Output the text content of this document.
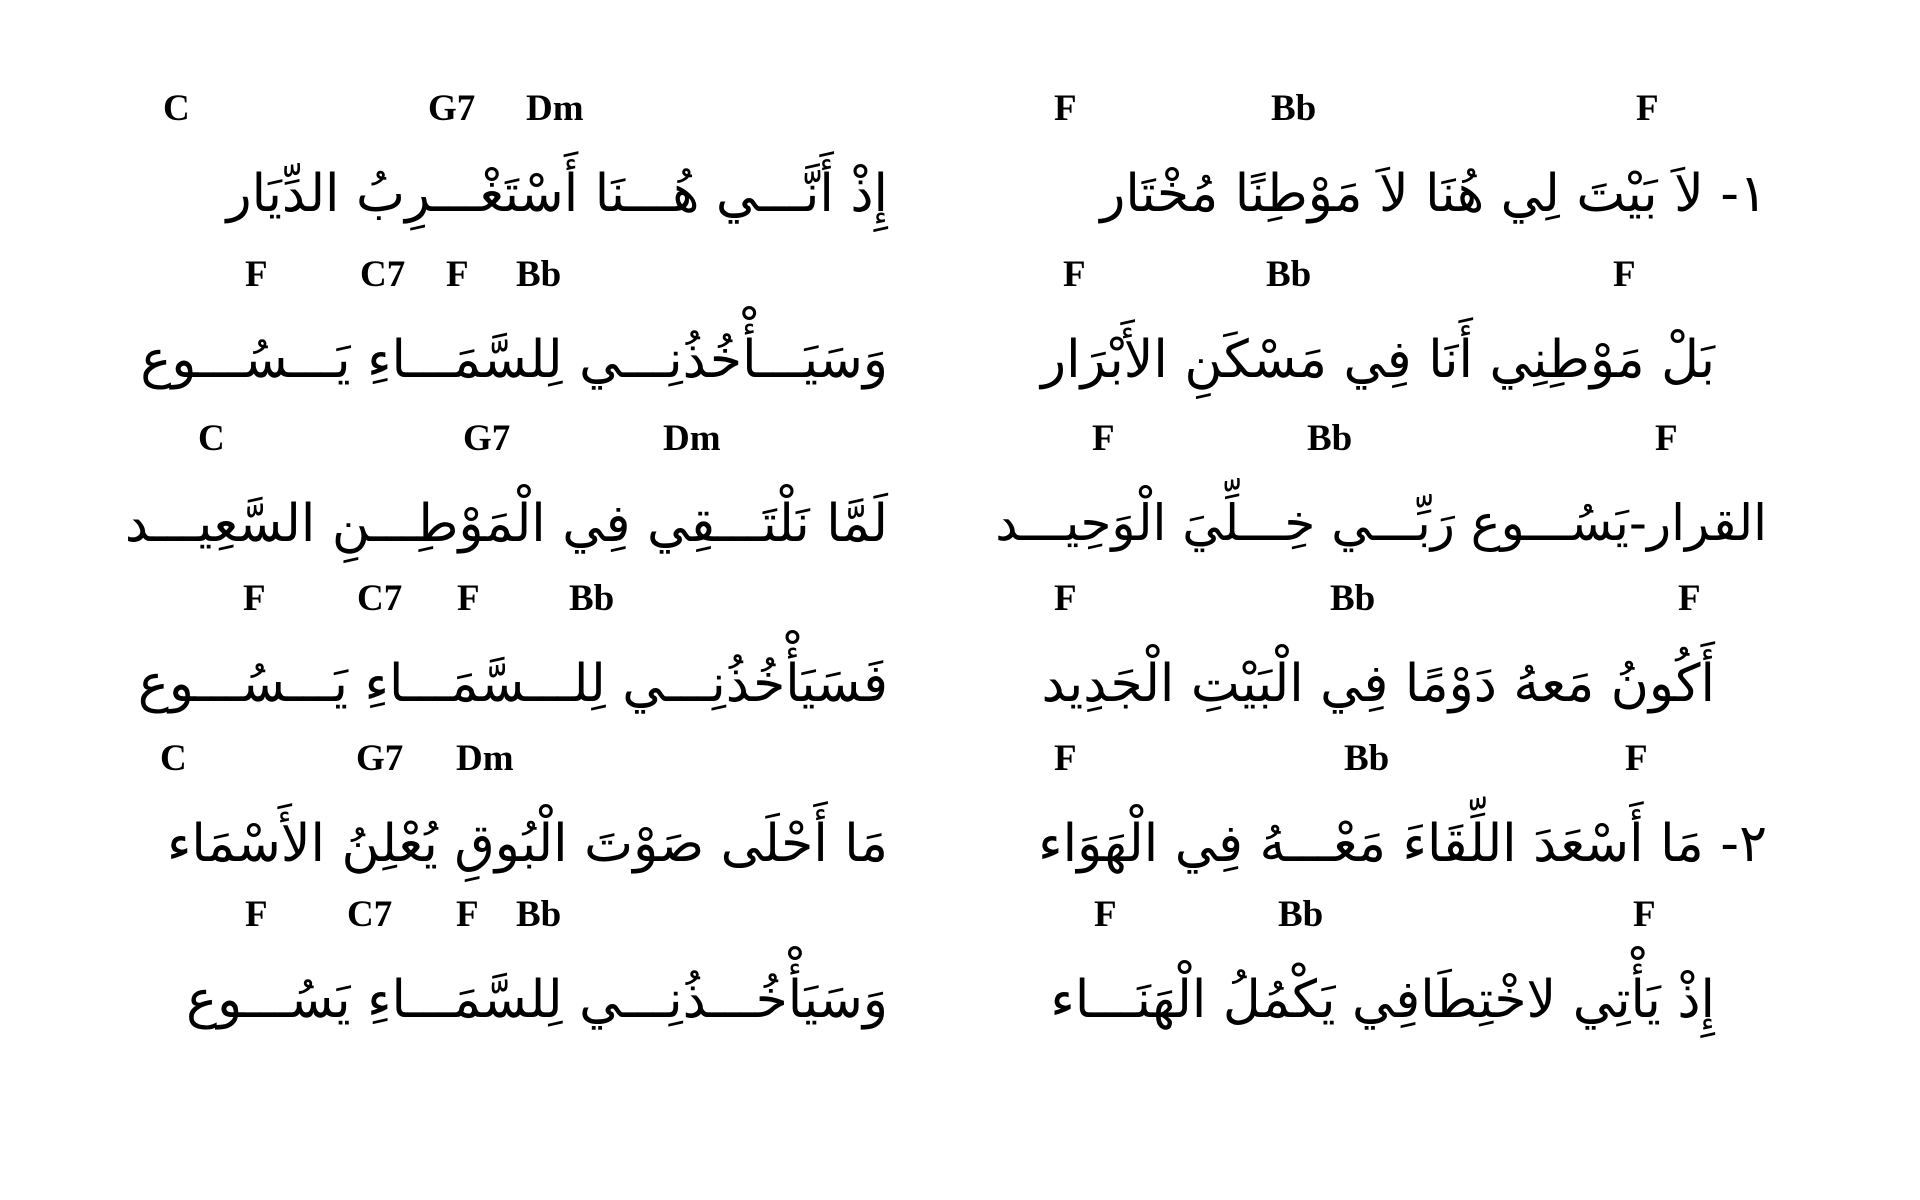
F	Bb	F
C	G7 Dm
١- لاَ بَيْتَ لِي هُنَا لاَ مَوْطِنًا مُخْتَار
إِذْ أَنَّـــي هُـــنَا أَسْتَغْـــرِبُ الدِّيَار
F	Bb	F
F C7 F Bb
بَلْ مَوْطِنِي أَنَا فِي مَسْكَنِ الأَبْرَار
وَسَيَـــأْخُذُنِـــي لِلسَّمَـــاءِ يَـــسُـــوع
F	Bb	F
C	G7	Dm
القرار-يَسُـــوع رَبِّـــي خِـــلِّيَ الْوَحِيـــد
لَمَّا نَلْتَـــقِي فِي الْمَوْطِـــنِ السَّعِيـــد
F	Bb	F
F C7 F Bb
أَكُونُ مَعهُ دَوْمًا فِي الْبَيْتِ الْجَدِيد
فَسَيَأْخُذُنِـــي لِلـــسَّمَـــاءِ يَـــسُـــوع
F	Bb	F
C	G7 Dm
٢- مَا أَسْعَدَ اللِّقَاءَ مَعْـــهُ فِي الْهَوَاء
مَا أَحْلَى صَوْتَ الْبُوقِ يُعْلِنُ الأَسْمَاء
F	Bb	F
F C7 F Bb
إِذْ يَأْتِي لاخْتِطَافِي يَكْمُلُ الْهَنَـــاء
وَسَيَأْخُـــذُنِـــي لِلسَّمَـــاءِ يَسُـــوع
